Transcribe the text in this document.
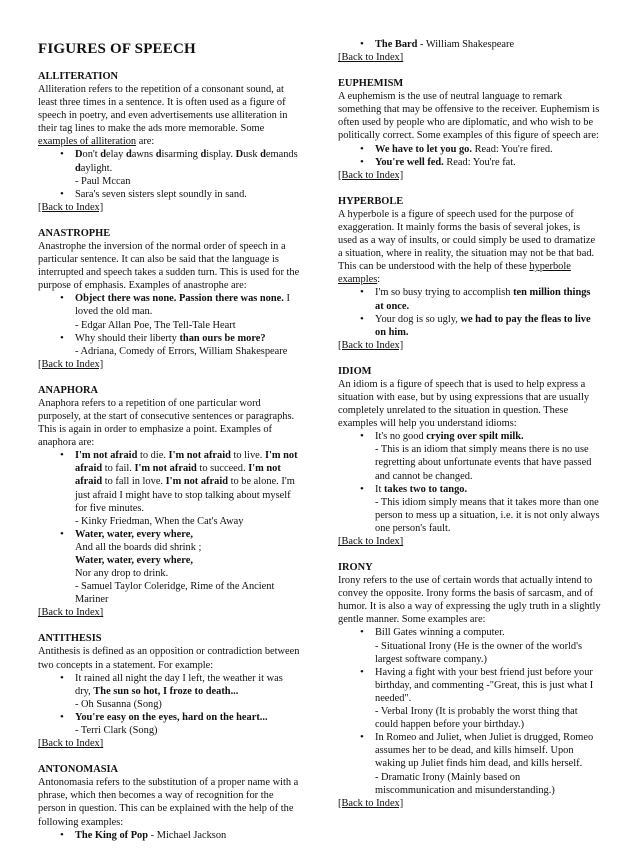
FIGURES OF SPEECH
ALLITERATION

Alliteration refers to the repetition of a consonant sound, at least three times in a sentence. It is often used as a figure of speech in poetry, and even advertisements use alliteration in their tag lines to make the ads more memorable. Some examples of alliteration are:

• Don't delay dawns disarming display. Dusk demands daylight.
- Paul Mccan
• Sara's seven sisters slept soundly in sand.
[Back to Index]
ANASTROPHE

Anastrophe the inversion of the normal order of speech in a particular sentence. It can also be said that the language is interrupted and speech takes a sudden turn. This is used for the purpose of emphasis. Examples of anastrophe are:

• Object there was none. Passion there was none. I loved the old man.
- Edgar Allan Poe, The Tell-Tale Heart
• Why should their liberty than ours be more?
- Adriana, Comedy of Errors, William Shakespeare
[Back to Index]
ANAPHORA

Anaphora refers to a repetition of one particular word purposely, at the start of consecutive sentences or paragraphs. This is again in order to emphasize a point. Examples of anaphora are:

• I'm not afraid to die. I'm not afraid to live. I'm not afraid to fail. I'm not afraid to succeed. I'm not afraid to fall in love. I'm not afraid to be alone. I'm just afraid I might have to stop talking about myself for five minutes.
- Kinky Friedman, When the Cat's Away
• Water, water, every where,
And all the boards did shrink ;
Water, water, every where,
Nor any drop to drink.
- Samuel Taylor Coleridge, Rime of the Ancient Mariner
[Back to Index]
ANTITHESIS

Antithesis is defined as an opposition or contradiction between two concepts in a statement. For example:

• It rained all night the day I left, the weather it was dry, The sun so hot, I froze to death...
- Oh Susanna (Song)
• You're easy on the eyes, hard on the heart...
- Terri Clark (Song)
[Back to Index]
ANTONOMASIA

Antonomasia refers to the substitution of a proper name with a phrase, which then becomes a way of recognition for the person in question. This can be explained with the help of the following examples:

• The King of Pop - Michael Jackson
• The Bard - William Shakespeare
[Back to Index]
EUPHEMISM

A euphemism is the use of neutral language to remark something that may be offensive to the receiver. Euphemism is often used by people who are diplomatic, and who wish to be politically correct. Some examples of this figure of speech are:

• We have to let you go. Read: You're fired.
• You're well fed. Read: You're fat.
[Back to Index]
HYPERBOLE

A hyperbole is a figure of speech used for the purpose of exaggeration. It mainly forms the basis of several jokes, is used as a way of insults, or could simply be used to dramatize a situation, where in reality, the situation may not be that bad. This can be understood with the help of these hyperbole examples:

• I'm so busy trying to accomplish ten million things at once.
• Your dog is so ugly, we had to pay the fleas to live on him.
[Back to Index]
IDIOM

An idiom is a figure of speech that is used to help express a situation with ease, but by using expressions that are usually completely unrelated to the situation in question. These examples will help you understand idioms:

• It's no good crying over spilt milk.
- This is an idiom that simply means there is no use regretting about unfortunate events that have passed and cannot be changed.
• It takes two to tango.
- This idiom simply means that it takes more than one person to mess up a situation, i.e. it is not only always one person's fault.
[Back to Index]
IRONY

Irony refers to the use of certain words that actually intend to convey the opposite. Irony forms the basis of sarcasm, and of humor. It is also a way of expressing the ugly truth in a slightly gentle manner. Some examples are:

• Bill Gates winning a computer.
- Situational Irony (He is the owner of the world's largest software company.)
• Having a fight with your best friend just before your birthday, and commenting -"Great, this is just what I needed".
- Verbal Irony (It is probably the worst thing that could happen before your birthday.)
• In Romeo and Juliet, when Juliet is drugged, Romeo assumes her to be dead, and kills himself. Upon waking up Juliet finds him dead, and kills herself.
- Dramatic Irony (Mainly based on miscommunication and misunderstanding.)
[Back to Index]
